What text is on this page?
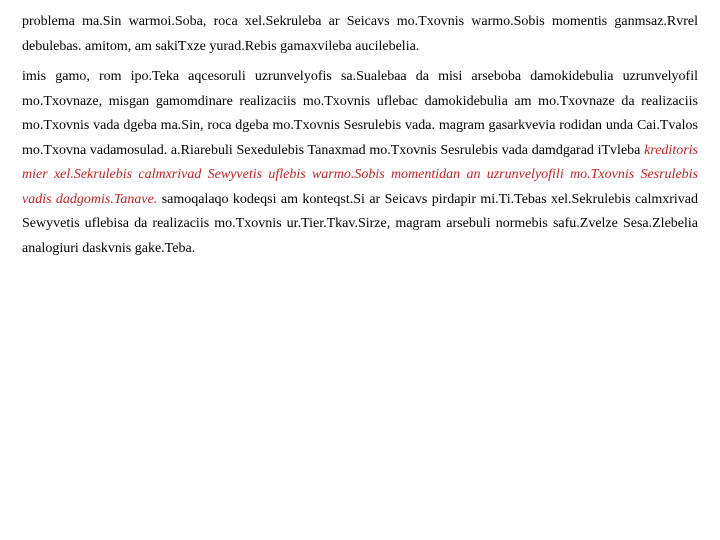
problema ma.Sin warmoi.Soba, roca xel.Sekruleba ar Seicavs mo.Txovnis warmo.Sobis momentis ganmsaz.Rvrel debulebas. amitom, am sakiTxze yurad.Rebis gamaxvileba aucilebelia.

imis gamo, rom ipo.Teka aqcesoruli uzrunvelyofis sa.Sualebaa da misi arseboba damokidebulia uzrunvelyofil mo.Txovnaze, misgan gamomdinare realizaciis mo.Txovnis uflebac damokidebulia am mo.Txovnaze da realizaciis mo.Txovnis vada dgeba ma.Sin, roca dgeba mo.Txovnis Sesrulebis vada. magram gasarkvevia rodidan unda Cai.Tvalos mo.Txovna vadamosulad. a.Riarebuli Sexedulebis Tanaxmad mo.Txovnis Sesrulebis vada damdgarad iTvleba kreditoris mier xel.Sekrulebis calmxrivad Sewyvetis uflebis warmo.Sobis momentidan an uzrunvelyofili mo.Txovnis Sesrulebis vadis dadgomis.Tanave. samoqalaqo kodeqsi am konteqst.Si ar Seicavs pirdapir mi.Ti.Tebas xel.Sekrulebis calmxrivad Sewyvetis uflebisa da realizaciis mo.Txovnis ur.Tier.Tkav.Sirze, magram arsebuli normebis safu.Zvelze Sesa.Zlebelia analogiuri daskvnis gake.Teba.
